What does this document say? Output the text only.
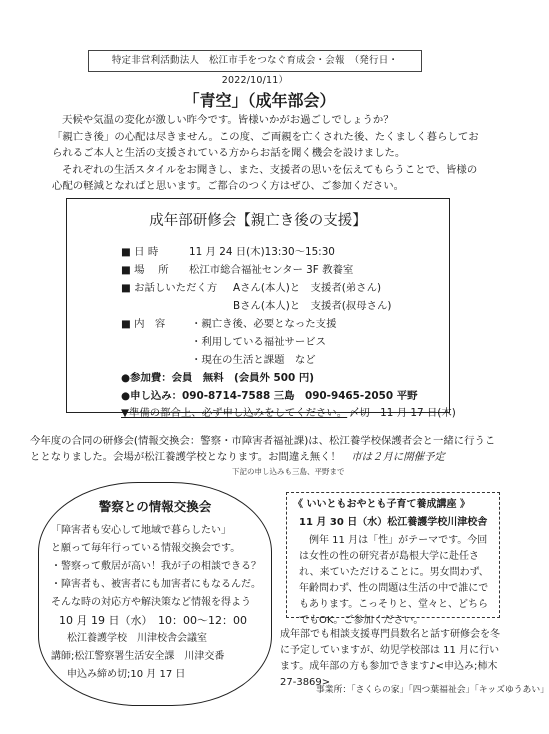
特定非営利活動法人　松江市手をつなぐ育成会・会報　（発行日・2022/10/11）
「青空」（成年部会）

天候や気温の変化が激しい昨今です。皆様いかがお過ごしでしょうか？

「親亡き後」の心配は尽きません。この度、ご両親を亡くされた後、たくましく暮らしておられるご本人と生活の支援されている方からお話を聞く機会を設けました。

それぞれの生活スタイルをお聞きし、また、支援者の思いを伝えてもらうことで、皆様の心配の軽減となればと思います。ご都合のつく方はぜひ、ご参加ください。

成年部研修会【親亡き後の支援】
■ 日 時	11 月 24 日(木)13:30～15:30
■ 場　 所 松江市総合福祉センター 3F 教養室
■ お話しいただく方 Aさん(本人)と　支援者(弟さん)
Bさん(本人)と　支援者(叔母さん)
■ 内　容 ・親亡き後、必要となった支援
・利用している福祉サービス
・現在の生活と課題　など
●参加費：会員　無料　(会員外 500 円)
●申し込み：090-8714-7588 三島　090-9465-2050 平野
▼準備の都合上、必ず申し込みをしてください。 〆切　11 月 17 日(木)

今年度の合同の研修会(情報交換会：警察・市障害者福祉課)は、松江養学校保護者会と一緒に行うこととなりました。会場が松江養護学校となります。お間違え無く！　 市は２月に開催予定

下記の申し込みも三島、平野まで
警察との情報交換会
「障害者も安心して地域で暮らしたい」
と願って毎年行っている情報交換会です。
・警察って敷居が高い！我が子の相談できる？
・障害者も、被害者にも加害者にもなるんだ。
そんな時の対応方や解決策など情報を得よう
10 月 19 日（水）　10：00～12：00
松江養護学校　川津校舎会議室
講師;松江警察署生活安全課　川津交番
申込み締め切;10 月 17 日
《 いいともおやとも子育て養成講座 》
11 月 30 日（水）松江養護学校川津校舎
例年 11 月は「性」がテーマです。今回は女性の性の研究者が島根大学に赴任され、来ていただけることに。男女問わず、年齢問わず、性の問題は生活の中で誰にでもあります。こっそりと、堂々と、どちらでもOK。ご参加ください。
成年部でも相談支援専門員数名と話す研修会を冬に予定していますが、幼児学校部は 11 月に行います。成年部の方も参加できます♪<申込み;柿木 27-3869>
事業所：「さくらの家」「四つ葉福祉会」「キッズゆうあい」
